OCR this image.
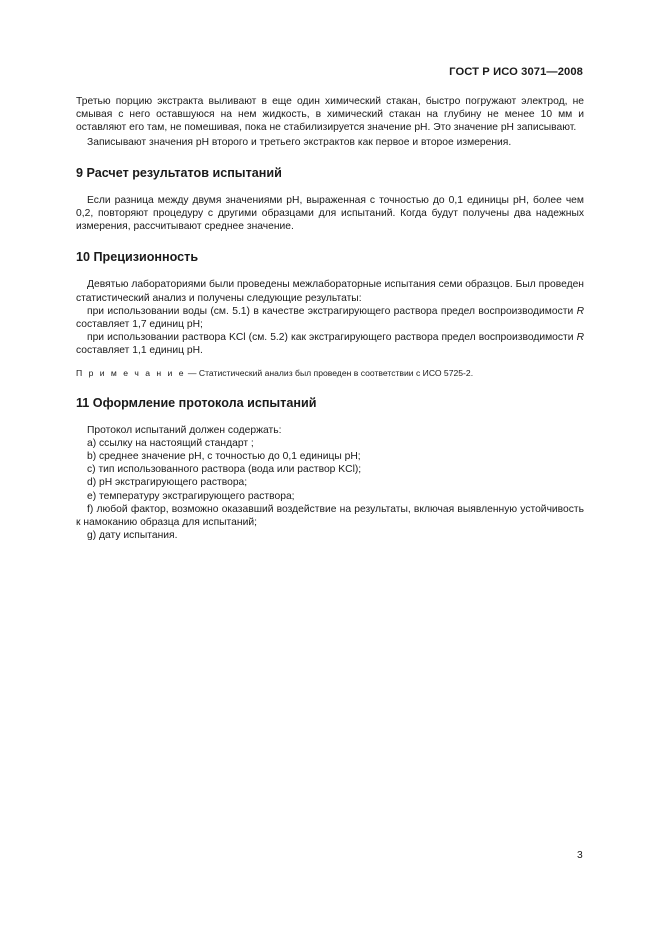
ГОСТ Р ИСО 3071—2008

Третью порцию экстракта выливают в еще один химический стакан, быстро погружают электрод, не смывая с него оставшуюся на нем жидкость, в химический стакан на глубину не менее 10 мм и оставляют его там, не помешивая, пока не стабилизируется значение pH. Это значение pH записывают.

Записывают значения pH второго и третьего экстрактов как первое и второе измерения.

9 Расчет результатов испытаний

Если разница между двумя значениями pH, выраженная с точностью до 0,1 единицы pH, более чем 0,2, повторяют процедуру с другими образцами для испытаний. Когда будут получены два надежных измерения, рассчитывают среднее значение.

10 Прецизионность

Девятью лабораториями были проведены межлабораторные испытания семи образцов. Был проведен статистический анализ и получены следующие результаты:

при использовании воды (см. 5.1) в качестве экстрагирующего раствора предел воспроизводимости R составляет 1,7 единиц pH;

при использовании раствора KCl (см. 5.2) как экстрагирующего раствора предел воспроизводимости R составляет 1,1 единиц pH.

П р и м е ч а н и е — Статистический анализ был проведен в соответствии с ИСО 5725-2.

11 Оформление протокола испытаний

Протокол испытаний должен содержать:

a) ссылку на настоящий стандарт ;

b) среднее значение pH, с точностью до 0,1 единицы pH;

c) тип использованного раствора (вода или раствор KCl);

d) pH экстрагирующего раствора;

e) температуру экстрагирующего раствора;

f) любой фактор, возможно оказавший воздействие на результаты, включая выявленную устойчивость к намоканию образца для испытаний;

g) дату испытания.

3
